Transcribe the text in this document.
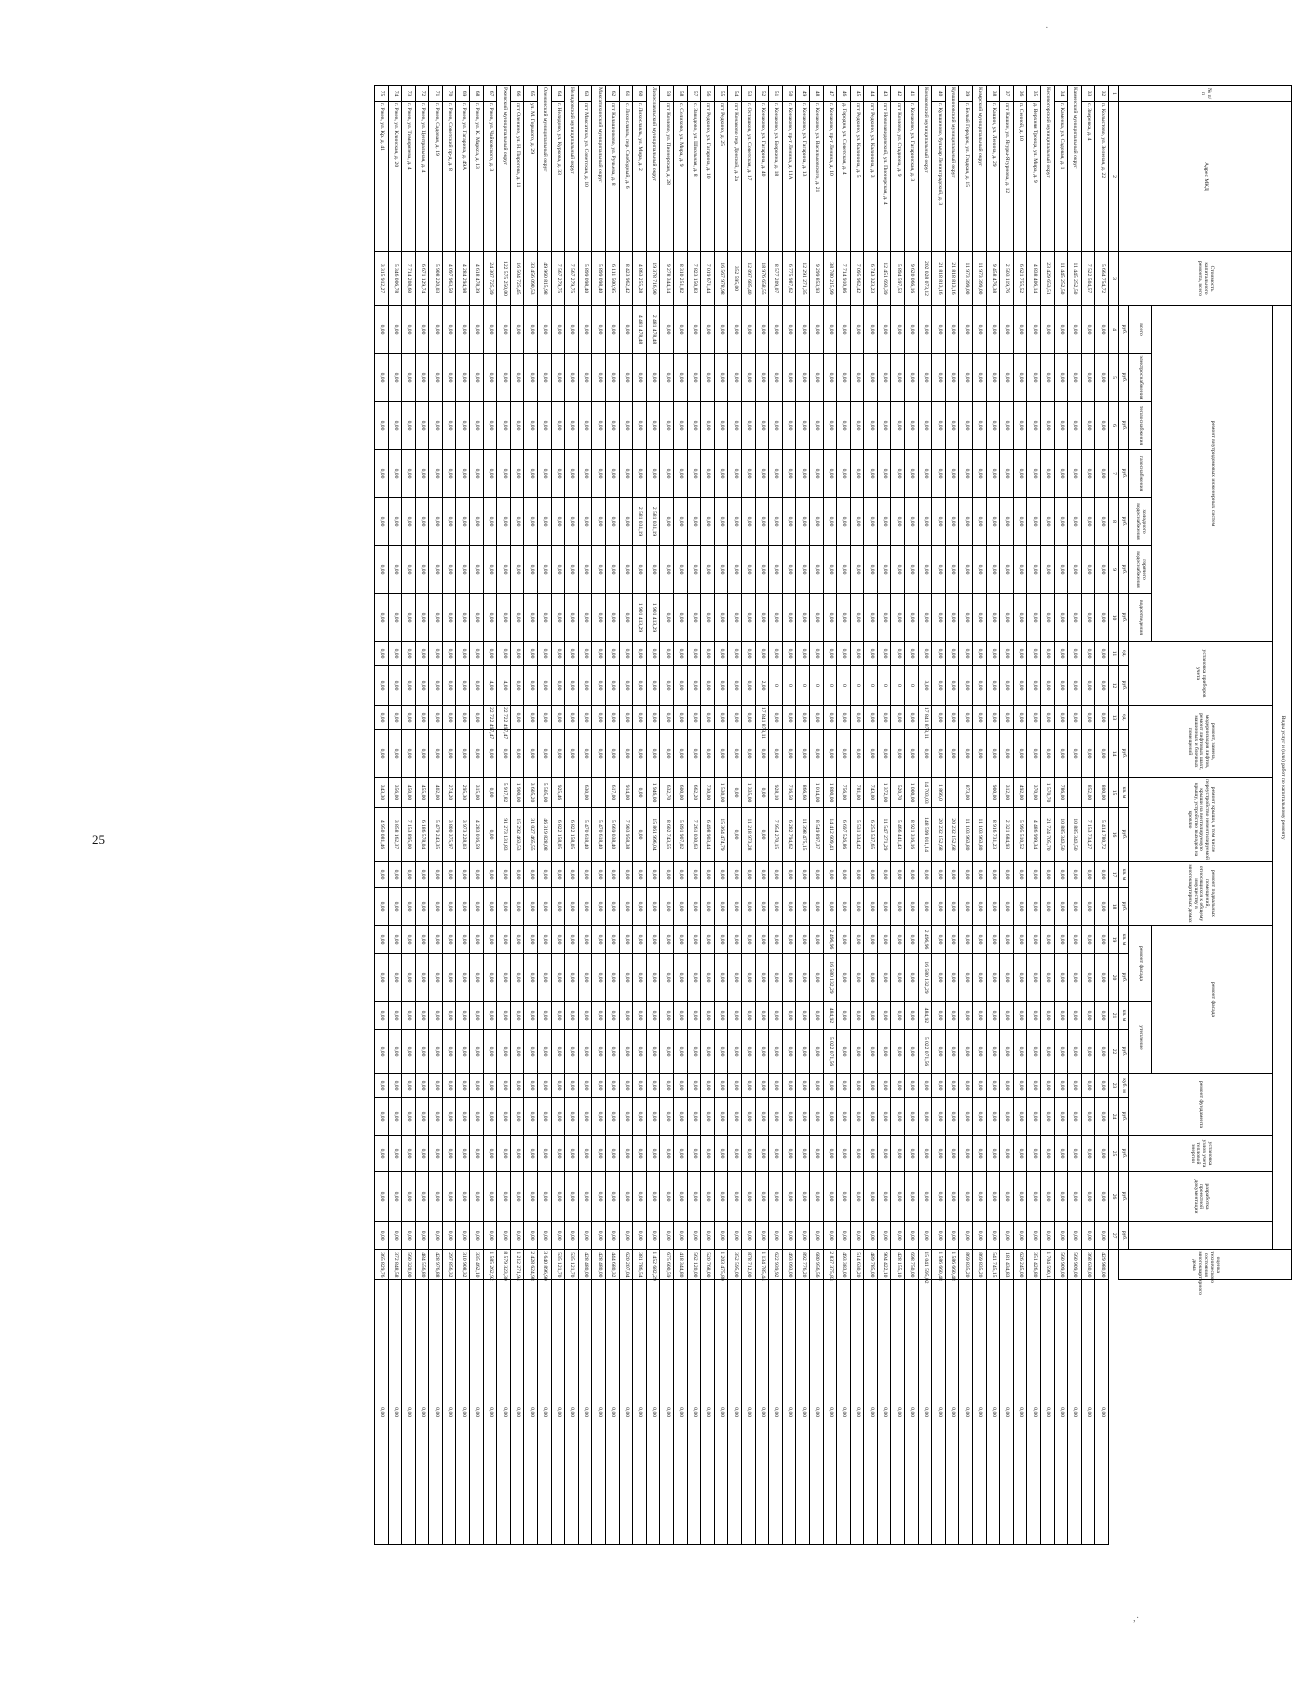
25
·
,·
№ п/п	Адрес МКД	Стоимость капитального ремонта, всего	Виды услуг и (или) работ по капитальному ремонту																								оценка технического состояния многоквартирного дома	
			ремонт внутридомовых инженерных систем							установка приборов учета		ремонт, замена, модернизация лифтов, ремонт лифтовых шахт, машинных и блочных помещений		ремонт крыши, в том числе переустройство невентилируемой крыши на вентилируемую крышу, устройство выходов на кровлю		ремонт подвальных помещений, относящихся к общему имуществу в многоквартирных домах		ремонт фасада				ремонт фундамента		установка узлов учета тепловой энергии	разработка проектной документации			
			всего	электроснабжения	теплоснабжения	газоснабжения	холодного водоснабжения	горячего водоснабжения	водоотведения									ремонт фасада		утепление								
			руб.	руб.	руб.	руб.	руб.	руб.	руб.	ед.	руб.	ед.	руб.	кв. м	руб.	кв. м	руб.	кв. м	руб.	кв. м	руб.	куб. м	руб.	руб.	руб.	руб.		
1	2	3	4	5	6	7	8	9	10	11	12	13	14	15	16	17	18	19	20	21	22	23	24	25	26	27		
32	п. Колыстово, ул. Зеленая, д. 22	5 664 754,72	0,00	0,00	0,00	0,00	0,00	0,00	0,00	0,00	0,00	0,00	0,00	800,00	5 414 780,72	0,00	0,00	0,00	0,00	0,00	0,00	0,00	0,00	0,00	0,00	0,00	429 980,00	0,00
33	с. Зверевка, д. 4	7 522 504,57	0,00	0,00	0,00	0,00	0,00	0,00	0,00	0,00	0,00	0,00	0,00	852,00	7 153 734,27	0,00	0,00	0,00	0,00	0,00	0,00	0,00	0,00	0,00	0,00	0,00	368 630,00	0,00
Каменский муниципальный округ		11 445 252,50	0,00	0,00	0,00	0,00	0,00	0,00	0,00	0,00	0,00	0,00	0,00		10 885 343,50	0,00	0,00	0,00	0,00	0,00	0,00	0,00	0,00	0,00	0,00	0,00	560 909,00	0,00
34	г. Каменка, ул. Садовая, д. 1	11 445 252,50	0,00	0,00	0,00	0,00	0,00	0,00	0,00	0,00	0,00	0,00	0,00	786,00	10 885 343,50	0,00	0,00	0,00	0,00	0,00	0,00	0,00	0,00	0,00	0,00	0,00	560 909,00	0,00
Кесовогорский муниципальный округ		23 429 653,51	0,00	0,00	0,00	0,00	0,00	0,00	0,00	0,00	0,00	0,00	0,00	1 570,70	21 724 705,70	0,00	0,00	0,00	0,00	0,00	0,00	0,00	0,00	0,00	0,00	0,00	1 704 590,11	0,00
35	д. Верхняя Троица, ул. Мира, д. 9	4 838 406,14	0,00	0,00	0,00	0,00	0,00	0,00	0,00	0,00	0,00	0,00	0,00	370,00	4 486 999,34	0,00	0,00	0,00	0,00	0,00	0,00	0,00	0,00	0,00	0,00	0,00	351 426,80	0,00
36	п. Сенной, д. 10	6 621 755,52	0,00	0,00	0,00	0,00	0,00	0,00	0,00	0,00	0,00	0,00	0,00	492,00	5 995 510,52	0,00	0,00	0,00	0,00	0,00	0,00	0,00	0,00	0,00	0,00	0,00	626 245,00	0,00
37	пгт Кашин, ул. Ягуры-Ягурнова, д. 12	2 503 119,76	0,00	0,00	0,00	0,00	0,00	0,00	0,00	0,00	0,00	0,00	0,00	312,00	2 321 684,93	0,00	0,00	0,00	0,00	0,00	0,00	0,00	0,00	0,00	0,00	0,00	181 434,83	0,00
38	г. Кашин, ул. Ленина, д. 29	9 458 476,38	0,00	0,00	0,00	0,00	0,00	0,00	0,00	0,00	0,00	0,00	0,00	900,00	8 916 731,23	0,00	0,00	0,00	0,00	0,00	0,00	0,00	0,00	0,00	0,00	0,00	541 745,15	0,00
Кимрский муниципальный округ		11 973 399,00	0,00	0,00	0,00	0,00	0,00	0,00	0,00	0,00	0,00	0,00	0,00		11 103 963,80	0,00	0,00	0,00	0,00	0,00	0,00	0,00	0,00	0,00	0,00	0,00	869 835,20	0,00
39	г. Белый Городок, ул. Гладкая, д. 15	11 973 399,00	0,00	0,00	0,00	0,00	0,00	0,00	0,00	0,00	0,00	0,00	0,00	873,00	11 103 963,80	0,00	0,00	0,00	0,00	0,00	0,00	0,00	0,00	0,00	0,00	0,00	869 835,20	0,00
Кувшиновский муниципальный округ		21 818 813,16	0,00	0,00	0,00	0,00	0,00	0,00	0,00	0,00	0,00	0,00	0,00		20 232 152,68	0,00	0,00	0,00	0,00	0,00	0,00	0,00	0,00	0,00	0,00	0,00	1 586 660,48	0,00
40	г. Кувшиново, бульвар Ленинградский, д. 3	21 818 813,16	0,00	0,00	0,00	0,00	0,00	0,00	0,00	0,00	0,00	0,00	0,00	1 866,0	20 232 152,68	0,00	0,00	0,00	0,00	0,00	0,00	0,00	0,00	0,00	0,00	0,00	1 586 660,48	0,00
Конаковский муниципальный округ		202 028 073,12	0,00	0,00	0,00	0,00	0,00	0,00	0,00	0,00	3,00	17 841 873,11	0,00	14 703,03	148 599 011,14	0,00	0,00	2 496,96	16 580 132,29	484,92	5 022 071,56	0,00	0,00	0,00	0,00	0,00	15 041 595,02	0,00
41	г. Конаково, ул. Гагаринская, д. 3	9 620 066,16	0,00	0,00	0,00	0,00	0,00	0,00	0,00	0,00	0	0,00	0,00	1 000,00	8 921 316,16	0,00	0,00	0,00	0,00	0,00	0,00	0,00	0,00	0,00	0,00	0,00	698 750,00	0,00
42	пгт Козлово, ул. Стадиона, д. 9	5 894 597,53	0,00	0,00	0,00	0,00	0,00	0,00	0,00	0,00	0	0,00	0,00	520,70	5 466 441,43	0,00	0,00	0,00	0,00	0,00	0,00	0,00	0,00	0,00	0,00	0,00	428 155,10	0,00
43	пгт Новозавидовский, ул. Пионерская, д. 4	12 451 693,39	0,00	0,00	0,00	0,00	0,00	0,00	0,00	0,00	0	0,00	0,00	1 372,00	11 547 271,29	0,00	0,00	0,00	0,00	0,00	0,00	0,00	0,00	0,00	0,00	0,00	904 422,10	0,00
44	пгт Редкино, ул. Калинина, д. 3	6 743 323,23	0,00	0,00	0,00	0,00	0,00	0,00	0,00	0,00	0	0,00	0,00	743,00	6 253 537,65	0,00	0,00	0,00	0,00	0,00	0,00	0,00	0,00	0,00	0,00	0,00	489 785,00	0,00
45	пгт Редкино, ул. Калинина, д. 5	7 095 962,42	0,00	0,00	0,00	0,00	0,00	0,00	0,00	0,00	0	0,00	0,00	781,00	5 531 334,42	0,00	0,00	0,00	0,00	0,00	0,00	0,00	0,00	0,00	0,00	0,00	514 630,20	0,00
46	д. Городня, ул. Советская, д. 4	7 714 910,86	0,00	0,00	0,00	0,00	0,00	0,00	0,00	0,00	0	0,00	0,00	756,00	6 697 526,86	0,00	0,00	0,00	0,00	0,00	0,00	0,00	0,00	0,00	0,00	0,00	493 383,00	0,00
47	г. Конаково, пр-т Ленина, д. 10	38 780 215,99	0,00	0,00	0,00	0,00	0,00	0,00	0,00	0,00	0	0,00	0,00	1 800,00	14 412 609,41	0,00	0,00	2 496,96	16 580 132,29	484,92	5 022 071,56	0,00	0,00	0,00	0,00	0,00	2 837 375,83	0,00
48	г. Конаково, ул. Васильковского, д. 21	9 299 853,93	0,00	0,00	0,00	0,00	0,00	0,00	0,00	0,00	0	0,00	0,00	1 014,00	8 549 897,37	0,00	0,00	0,00	0,00	0,00	0,00	0,00	0,00	0,00	0,00	0,00	680 956,56	0,00
49	г. Конаково, ул. Гагарина, д. 13	12 291 271,35	0,00	0,00	0,00	0,00	0,00	0,00	0,00	0,00	0	0,00	0,00	866,60	11 398 475,15	0,00	0,00	0,00	0,00	0,00	0,00	0,00	0,00	0,00	0,00	0,00	892 776,20	0,00
50	г. Конаково, пр-т Ленина, д. 11А	6 775 987,62	0,00	0,00	0,00	0,00	0,00	0,00	0,00	0,00	0	0,00	0,00	716,50	6 282 794,62	0,00	0,00	0,00	0,00	0,00	0,00	0,00	0,00	0,00	0,00	0,00	493 093,00	0,00
51	г. Конаково, ул. Бюркина, д. 18	8 577 209,07	0,00	0,00	0,00	0,00	0,00	0,00	0,00	0,00	0	0,00	0,00	928,10	7 954 270,15	0,00	0,00	0,00	0,00	0,00	0,00	0,00	0,00	0,00	0,00	0,00	622 939,92	0,00
52	г. Конаково, ул. Гагарина, д. 40	18 976 658,55	0,00	0,00	0,00	0,00	0,00	0,00	0,00	0,00	2,00	17 841 873,11	0,00	0,00	0,00	0,00	0,00	0,00	0,00	0,00	0,00	0,00	0,00	0,00	0,00	0,00	1 134 785,44	0,00
53	г. Осташков, ул. Советская, д. 17	12 097 685,40	0,00	0,00	0,00	0,00	0,00	0,00	0,00	0,00	0,00	0,00	0,00	1 335,00	11 218 973,28	0,00	0,00	0,00	0,00	0,00	0,00	0,00	0,00	0,00	0,00	0,00	878 712,00	0,00
54	пгт Конаково пер. Донской, д. 2а	352 595,00	0,00	0,00	0,00	0,00	0,00	0,00	0,00	0,00	0,00	0,00	0,00	0,00	0,00	0,00	0,00	0,00	0,00	0,00	0,00	0,00	0,00	0,00	0,00	0,00	352 595,00	0,00
55	пгт Редкино, д. 25	16 567 978,98	0,00	0,00	0,00	0,00	0,00	0,00	0,00	0,00	0,00	0,00	0,00	1 530,00	15 364 474,79	0,00	0,00	0,00	0,00	0,00	0,00	0,00	0,00	0,00	0,00	0,00	1 203 475,80	0,00
56	пгт Редкино, ул. Гагарина, д. 10	7 019 671,44	0,00	0,00	0,00	0,00	0,00	0,00	0,00	0,00	0,00	0,00	0,00	730,00	6 498 903,44	0,00	0,00	0,00	0,00	0,00	0,00	0,00	0,00	0,00	0,00	0,00	520 768,00	0,00
57	с. Завидово, ул. Школьная, д. 8	7 823 150,83	0,00	0,00	0,00	0,00	0,00	0,00	0,00	0,00	0,00	0,00	0,00	662,20	7 261 030,63	0,00	0,00	0,00	0,00	0,00	0,00	0,00	0,00	0,00	0,00	0,00	562 120,00	0,00
58	с. Селихово, ул. Мира, д. 9	8 310 251,82	0,00	0,00	0,00	0,00	0,00	0,00	0,00	0,00	0,00	0,00	0,00	600,00	5 891 907,02	0,00	0,00	0,00	0,00	0,00	0,00	0,00	0,00	0,00	0,00	0,00	418 344,80	0,00
59	пгт Козлово, ул. Пионерская, д. 28	9 278 344,14	0,00	0,00	0,00	0,00	0,00	0,00	0,00	0,00	0,00	0,00	0,00	632,70	8 602 743,55	0,00	0,00	0,00	0,00	0,00	0,00	0,00	0,00	0,00	0,00	0,00	675 600,59	0,00
Лихославльский муниципальный округ		19 378 716,90	2 481 478,48	0,00	0,00	0,00	2 581 031,19	0,00	1 901 413,29	0,00	0,00	0,00	0,00	1 946,00	15 861 996,04	0,00	0,00	0,00	0,00	0,00	0,00	0,00	0,00	0,00	0,00	0,00	1 452 682,29	0,00
60	г. Лихославль, ул. Мира, д. 2	4 863 255,28	4 481 478,48	0,00	0,00	0,00	2 581 031,19	0,00	1 901 413,29	0,00	0,00	0,00	0,00	0,00	0,00	0,00	0,00	0,00	0,00	0,00	0,00	0,00	0,00	0,00	0,00	0,00	381 786,54	0,00
61	с. Лихославль, пер. Свободный, д. 6	8 423 962,42	0,00	0,00	0,00	0,00	0,00	0,00	0,00	0,00	0,00	0,00	0,00	914,00	7 903 958,38	0,00	0,00	0,00	0,00	0,00	0,00	0,00	0,00	0,00	0,00	0,00	620 207,04	0,00
62	пгт Калашниково, ул. Ручьева, д. 8	6 111 500,95	0,00	0,00	0,00	0,00	0,00	0,00	0,00	0,00	0,00	0,00	0,00	617,00	5 669 038,40	0,00	0,00	0,00	0,00	0,00	0,00	0,00	0,00	0,00	0,00	0,00	444 680,32	0,00
Максатихинский муниципальный округ		5 899 098,40	0,00	0,00	0,00	0,00	0,00	0,00	0,00	0,00	0,00	0,00	0,00		5 470 618,40	0,00	0,00	0,00	0,00	0,00	0,00	0,00	0,00	0,00	0,00	0,00	428 480,00	0,00
63	пгт Максатиха, ул. Советская, д. 10	5 899 098,40	0,00	0,00	0,00	0,00	0,00	0,00	0,00	0,00	0,00	0,00	0,00	630,00	5 470 618,40	0,00	0,00	0,00	0,00	0,00	0,00	0,00	0,00	0,00	0,00	0,00	428 480,00	0,00
Нелидовский муниципальный округ		7 567 279,75	0,00	0,00	0,00	0,00	0,00	0,00	0,00	0,00	0,00	0,00	0,00		6 822 158,05	0,00	0,00	0,00	0,00	0,00	0,00	0,00	0,00	0,00	0,00	0,00	535 121,70	0,00
64	г. Нелидово, ул. Куркова, д. 33	7 567 279,75	0,00	0,00	0,00	0,00	0,00	0,00	0,00	0,00	0,00	0,00	0,00	925,46	6 822 158,05	0,00	0,00	0,00	0,00	0,00	0,00	0,00	0,00	0,00	0,00	0,00	535 121,70	0,00
Оленинский муниципальный округ		49 960 815,98	0,00	0,00	0,00	0,00	0,00	0,00	0,00	0,00	0,00	0,00	0,00	5 505,00	46 319 828,08	0,00	0,00	0,00	0,00	0,00	0,00	0,00	0,00	0,00	0,00	0,00	3 640 896,90	0,00
65	ул. М. Горького, д. 29	33 456 090,53	0,00	0,00	0,00	0,00	0,00	0,00	0,00	0,00	0,00	0,00	0,00	3 605,20	31 027 465,55	0,00	0,00	0,00	0,00	0,00	0,00	0,00	0,00	0,00	0,00	0,00	2 428 624,98	0,00
66	пгт Оленино, ул. Н. Пирогова, д. 11	16 504 725,45	0,00	0,00	0,00	0,00	0,00	0,00	0,00	0,00	0,00	0,00	0,00	1 900,00	15 292 463,53	0,00	0,00	0,00	0,00	0,00	0,00	0,00	0,00	0,00	0,00	0,00	1 212 271,94	0,00
Ржевский муниципальный округ		122 575 250,00	0,00	0,00	0,00	0,00	0,00	0,00	0,00	0,00	4,00	22 722 497,47	0,00	5 917,82	91 273 131,83	0,00	0,00	0,00	0,00	0,00	0,00	0,00	0,00	0,00	0,00	0,00	8 579 323,30	0,00
67	г. Ржев, ул. Чайковского, д. 3	24 307 725,39	0,00	0,00	0,00	0,00	0,00	0,00	0,00	0,00	4,00	22 722 497,47	0,00	0,00	0,00	0,00	0,00	0,00	0,00	0,00	0,00	0,00	0,00	0,00	0,00	0,00	1 585 262,92	0,00
68	г. Ржев, ул. К. Маркса, д. 13	4 618 478,39	0,00	0,00	0,00	0,00	0,00	0,00	0,00	0,00	0,00	0,00	0,00	315,00	4 283 016,59	0,00	0,00	0,00	0,00	0,00	0,00	0,00	0,00	0,00	0,00	0,00	335 462,10	0,00
69	г. Ржев, ул. Гагарина, д. 49А	4 284 294,98	0,00	0,00	0,00	0,00	0,00	0,00	0,00	0,00	0,00	0,00	0,00	295,30	3 973 228,03	0,00	0,00	0,00	0,00	0,00	0,00	0,00	0,00	0,00	0,00	0,00	310 908,32	0,00
70	г. Ржев, Советский пр-д, д. 8	4 097 963,50	0,00	0,00	0,00	0,00	0,00	0,00	0,00	0,00	0,00	0,00	0,00	274,20	3 800 375,97	0,00	0,00	0,00	0,00	0,00	0,00	0,00	0,00	0,00	0,00	0,00	297 856,32	0,00
71	г. Ржев, Садовая, д. 19	5 908 220,03	0,00	0,00	0,00	0,00	0,00	0,00	0,00	0,00	0,00	0,00	0,00	402,00	5 479 243,35	0,00	0,00	0,00	0,00	0,00	0,00	0,00	0,00	0,00	0,00	0,00	428 976,88	0,00
72	г. Ржев, ул. Центральная, д. 4	6 671 129,74	0,00	0,00	0,00	0,00	0,00	0,00	0,00	0,00	0,00	0,00	0,00	455,00	6 186 578,04	0,00	0,00	0,00	0,00	0,00	0,00	0,00	0,00	0,00	0,00	0,00	484 556,80	0,00
73	г. Ржев, ул. Тимирязева, д. 4	7 714 208,60	0,00	0,00	0,00	0,00	0,00	0,00	0,00	0,00	0,00	0,00	0,00	450,00	7 153 895,00	0,00	0,00	0,00	0,00	0,00	0,00	0,00	0,00	0,00	0,00	0,00	560 320,00	0,00
74	г. Ржев, ул. Клинская, д. 20	5 346 006,78	0,00	0,00	0,00	0,00	0,00	0,00	0,00	0,00	0,00	0,00	0,00	356,00	3 858 162,37	0,00	0,00	0,00	0,00	0,00	0,00	0,00	0,00	0,00	0,00	0,00	372 848,58	0,00
75	г. Ржев, ул. Кр. д. 41	3 315 912,27	0,00	0,00	0,00	0,00	0,00	0,00	0,00	0,00	0,00	0,00	0,00	343,30	4 950 081,46	0,00	0,00	0,00	0,00	0,00	0,00	0,00	0,00	0,00	0,00	0,00	365 829,76	0,00
